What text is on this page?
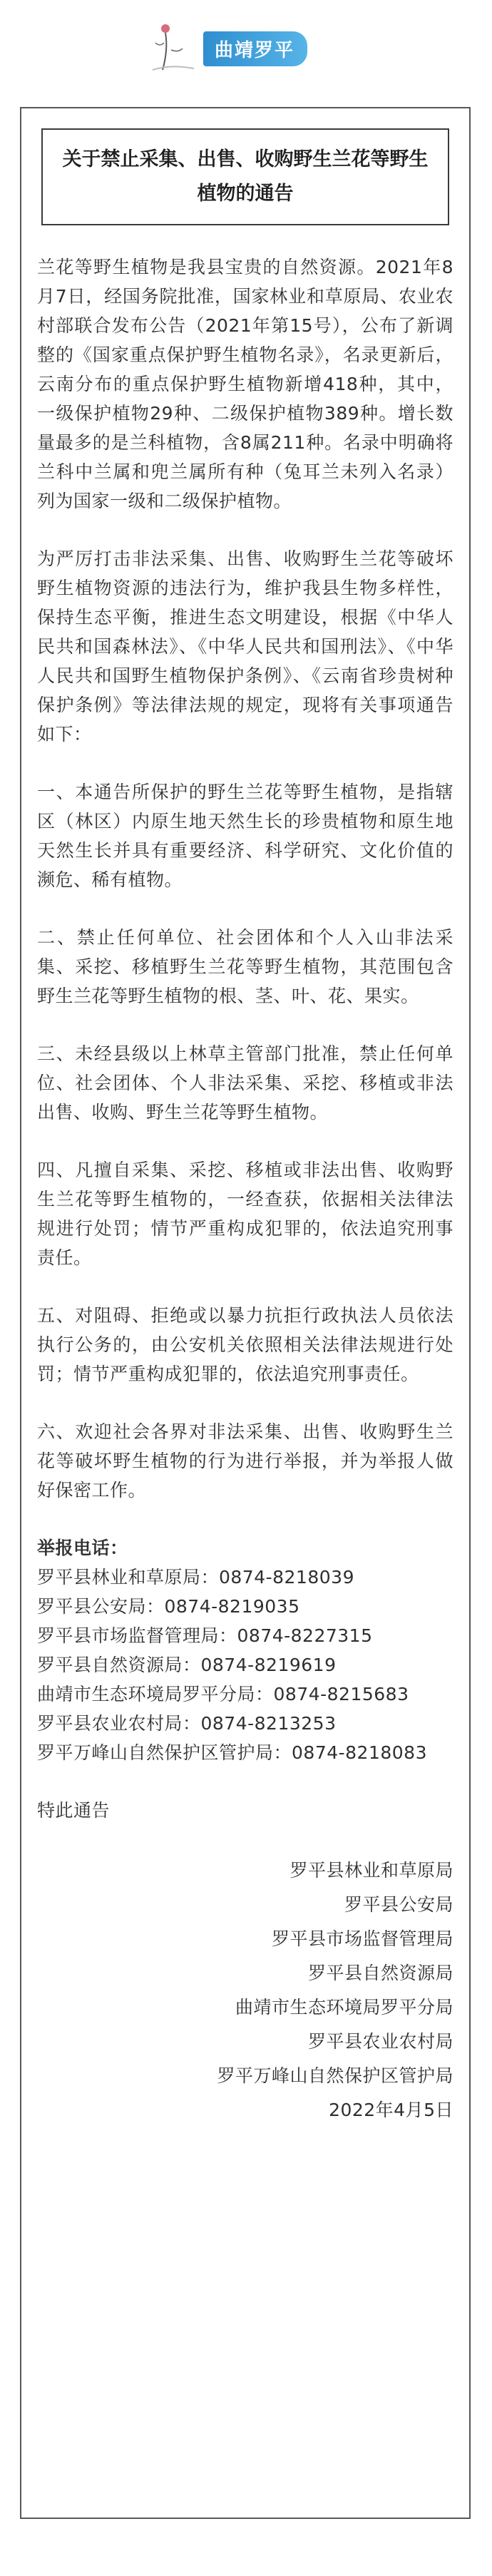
曲靖罗平
关于禁止采集、出售、收购野生兰花等野生植物的通告

兰花等野生植物是我县宝贵的自然资源。2021年8月7日，经国务院批准，国家林业和草原局、农业农村部联合发布公告（2021年第15号），公布了新调整的《国家重点保护野生植物名录》，名录更新后，云南分布的重点保护野生植物新增418种，其中，一级保护植物29种、二级保护植物389种。增长数量最多的是兰科植物，含8属211种。名录中明确将兰科中兰属和兜兰属所有种（兔耳兰未列入名录）列为国家一级和二级保护植物。

为严厉打击非法采集、出售、收购野生兰花等破坏野生植物资源的违法行为，维护我县生物多样性，保持生态平衡，推进生态文明建设，根据《中华人民共和国森林法》、《中华人民共和国刑法》、《中华人民共和国野生植物保护条例》、《云南省珍贵树种保护条例》等法律法规的规定，现将有关事项通告如下：

一、本通告所保护的野生兰花等野生植物，是指辖区（林区）内原生地天然生长的珍贵植物和原生地天然生长并具有重要经济、科学研究、文化价值的濒危、稀有植物。

二、禁止任何单位、社会团体和个人入山非法采集、采挖、移植野生兰花等野生植物，其范围包含野生兰花等野生植物的根、茎、叶、花、果实。

三、未经县级以上林草主管部门批准，禁止任何单位、社会团体、个人非法采集、采挖、移植或非法出售、收购、野生兰花等野生植物。

四、凡擅自采集、采挖、移植或非法出售、收购野生兰花等野生植物的，一经查获，依据相关法律法规进行处罚；情节严重构成犯罪的，依法追究刑事责任。

五、对阻碍、拒绝或以暴力抗拒行政执法人员依法执行公务的，由公安机关依照相关法律法规进行处罚；情节严重构成犯罪的，依法追究刑事责任。

六、欢迎社会各界对非法采集、出售、收购野生兰花等破坏野生植物的行为进行举报，并为举报人做好保密工作。

举报电话：

罗平县林业和草原局：0874-8218039

罗平县公安局：0874-8219035

罗平县市场监督管理局：0874-8227315

罗平县自然资源局：0874-8219619

曲靖市生态环境局罗平分局：0874-8215683

罗平县农业农村局：0874-8213253

罗平万峰山自然保护区管护局：0874-8218083

特此通告

罗平县林业和草原局

罗平县公安局

罗平县市场监督管理局

罗平县自然资源局

曲靖市生态环境局罗平分局

罗平县农业农村局

罗平万峰山自然保护区管护局

2022年4月5日
